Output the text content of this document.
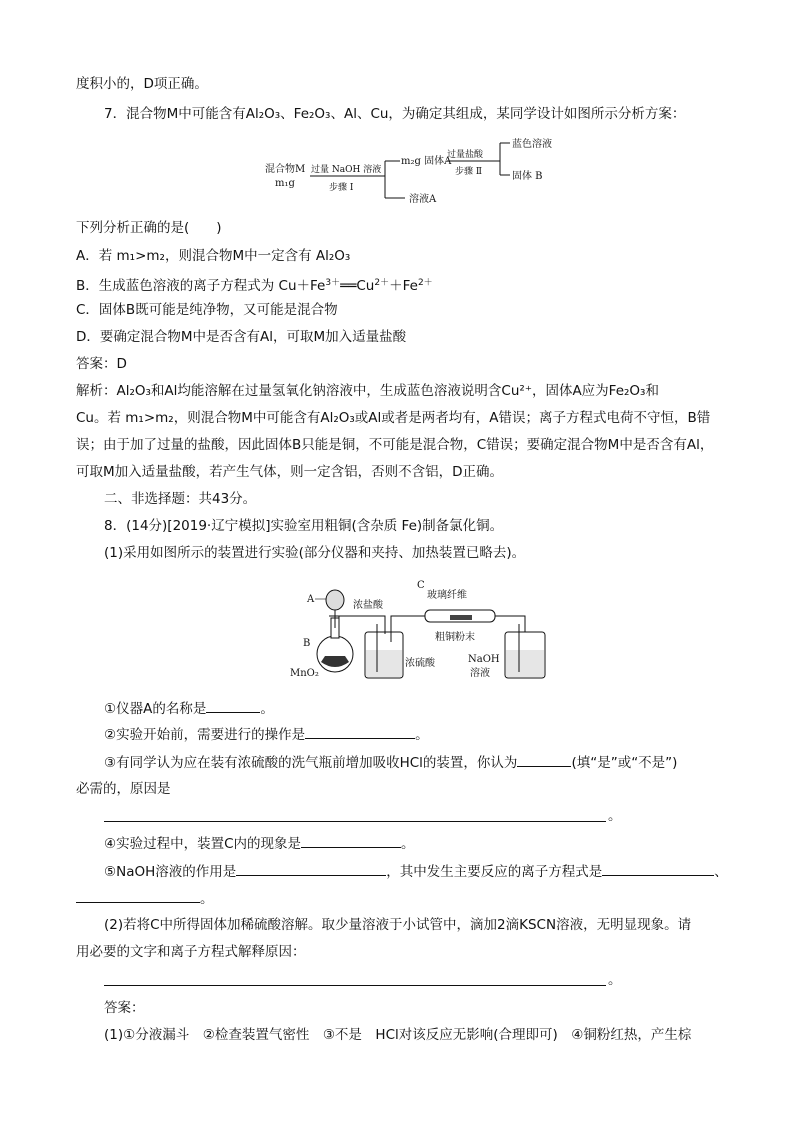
度积小的，D项正确。
7．混合物M中可能含有Al₂O₃、Fe₂O₃、Al、Cu，为确定其组成，某同学设计如图所示分析方案：
混合物M
m₁g
过量 NaOH 溶液
步骤 Ⅰ
m₂g 固体A
溶液A
过量盐酸
步骤 Ⅱ
蓝色溶液
固体 B
下列分析正确的是(　　)
A．若 m₁>m₂，则混合物M中一定含有 Al₂O₃
B．生成蓝色溶液的离子方程式为 $Cu+Fe^{3+}══Cu^{2+}+Fe^{2+}$
C．固体B既可能是纯净物，又可能是混合物
D．要确定混合物M中是否含有Al，可取M加入适量盐酸
答案：D
解析：Al₂O₃和Al均能溶解在过量氢氧化钠溶液中，生成蓝色溶液说明含Cu²⁺，固体A应为Fe₂O₃和
Cu。若 m₁>m₂，则混合物M中可能含有Al₂O₃或Al或者是两者均有，A错误；离子方程式电荷不守恒，B错
误；由于加了过量的盐酸，因此固体B只能是铜，不可能是混合物，C错误；要确定混合物M中是否含有Al，
可取M加入适量盐酸，若产生气体，则一定含铝，否则不含铝，D正确。
二、非选择题：共43分。
8．(14分)[2019·辽宁模拟]实验室用粗铜(含杂质 Fe)制备氯化铜。
(1)采用如图所示的装置进行实验(部分仪器和夹持、加热装置已略去)。
A
浓盐酸
B
MnO₂
浓硫酸
C
玻璃纤维
粗铜粉末
NaOH
溶液
①仪器A的名称是	。
②实验开始前，需要进行的操作是	。
③有同学认为应在装有浓硫酸的洗气瓶前增加吸收HCl的装置，你认为	(填“是”或“不是”)
必需的，原因是
。
④实验过程中，装置C内的现象是	。
⑤NaOH溶液的作用是	，其中发生主要反应的离子方程式是	、
。
(2)若将C中所得固体加稀硫酸溶解。取少量溶液于小试管中，滴加2滴KSCN溶液，无明显现象。请
用必要的文字和离子方程式解释原因：
。
答案：
(1)①分液漏斗　②检查装置气密性　③不是　HCl对该反应无影响(合理即可)　④铜粉红热，产生棕
